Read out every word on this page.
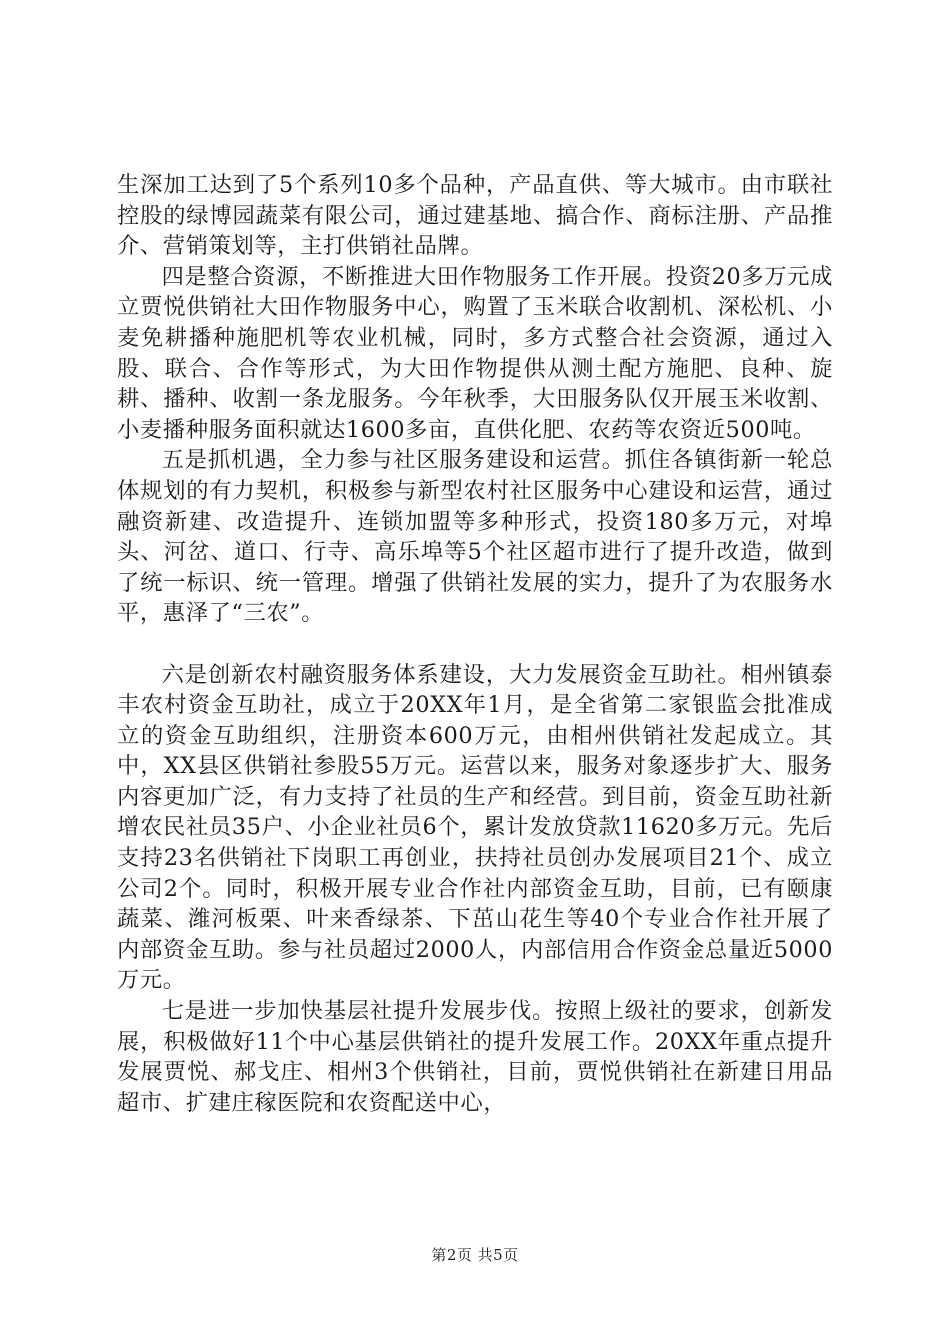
生深加工达到了5个系列10多个品种，产品直供、等大城市。由市联社控股的绿博园蔬菜有限公司，通过建基地、搞合作、商标注册、产品推介、营销策划等，主打供销社品牌。

四是整合资源，不断推进大田作物服务工作开展。投资20多万元成立贾悦供销社大田作物服务中心，购置了玉米联合收割机、深松机、小麦免耕播种施肥机等农业机械，同时，多方式整合社会资源，通过入股、联合、合作等形式，为大田作物提供从测土配方施肥、良种、旋耕、播种、收割一条龙服务。今年秋季，大田服务队仅开展玉米收割、小麦播种服务面积就达1600多亩，直供化肥、农药等农资近500吨。

五是抓机遇，全力参与社区服务建设和运营。抓住各镇街新一轮总体规划的有力契机，积极参与新型农村社区服务中心建设和运营，通过融资新建、改造提升、连锁加盟等多种形式，投资180多万元，对埠头、河岔、道口、行寺、高乐埠等5个社区超市进行了提升改造，做到了统一标识、统一管理。增强了供销社发展的实力，提升了为农服务水平，惠泽了“三农”。

六是创新农村融资服务体系建设，大力发展资金互助社。相州镇泰丰农村资金互助社，成立于20XX年1月，是全省第二家银监会批准成立的资金互助组织，注册资本600万元，由相州供销社发起成立。其中，XX县区供销社参股55万元。运营以来，服务对象逐步扩大、服务内容更加广泛，有力支持了社员的生产和经营。到目前，资金互助社新增农民社员35户、小企业社员6个，累计发放贷款11620多万元。先后支持23名供销社下岗职工再创业，扶持社员创办发展项目21个、成立公司2个。同时，积极开展专业合作社内部资金互助，目前，已有颐康蔬菜、潍河板栗、叶来香绿茶、下茁山花生等40个专业合作社开展了内部资金互助。参与社员超过2000人，内部信用合作资金总量近5000万元。

七是进一步加快基层社提升发展步伐。按照上级社的要求，创新发展，积极做好11个中心基层供销社的提升发展工作。20XX年重点提升发展贾悦、郝戈庄、相州3个供销社，目前，贾悦供销社在新建日用品超市、扩建庄稼医院和农资配送中心，

第2页 共5页
